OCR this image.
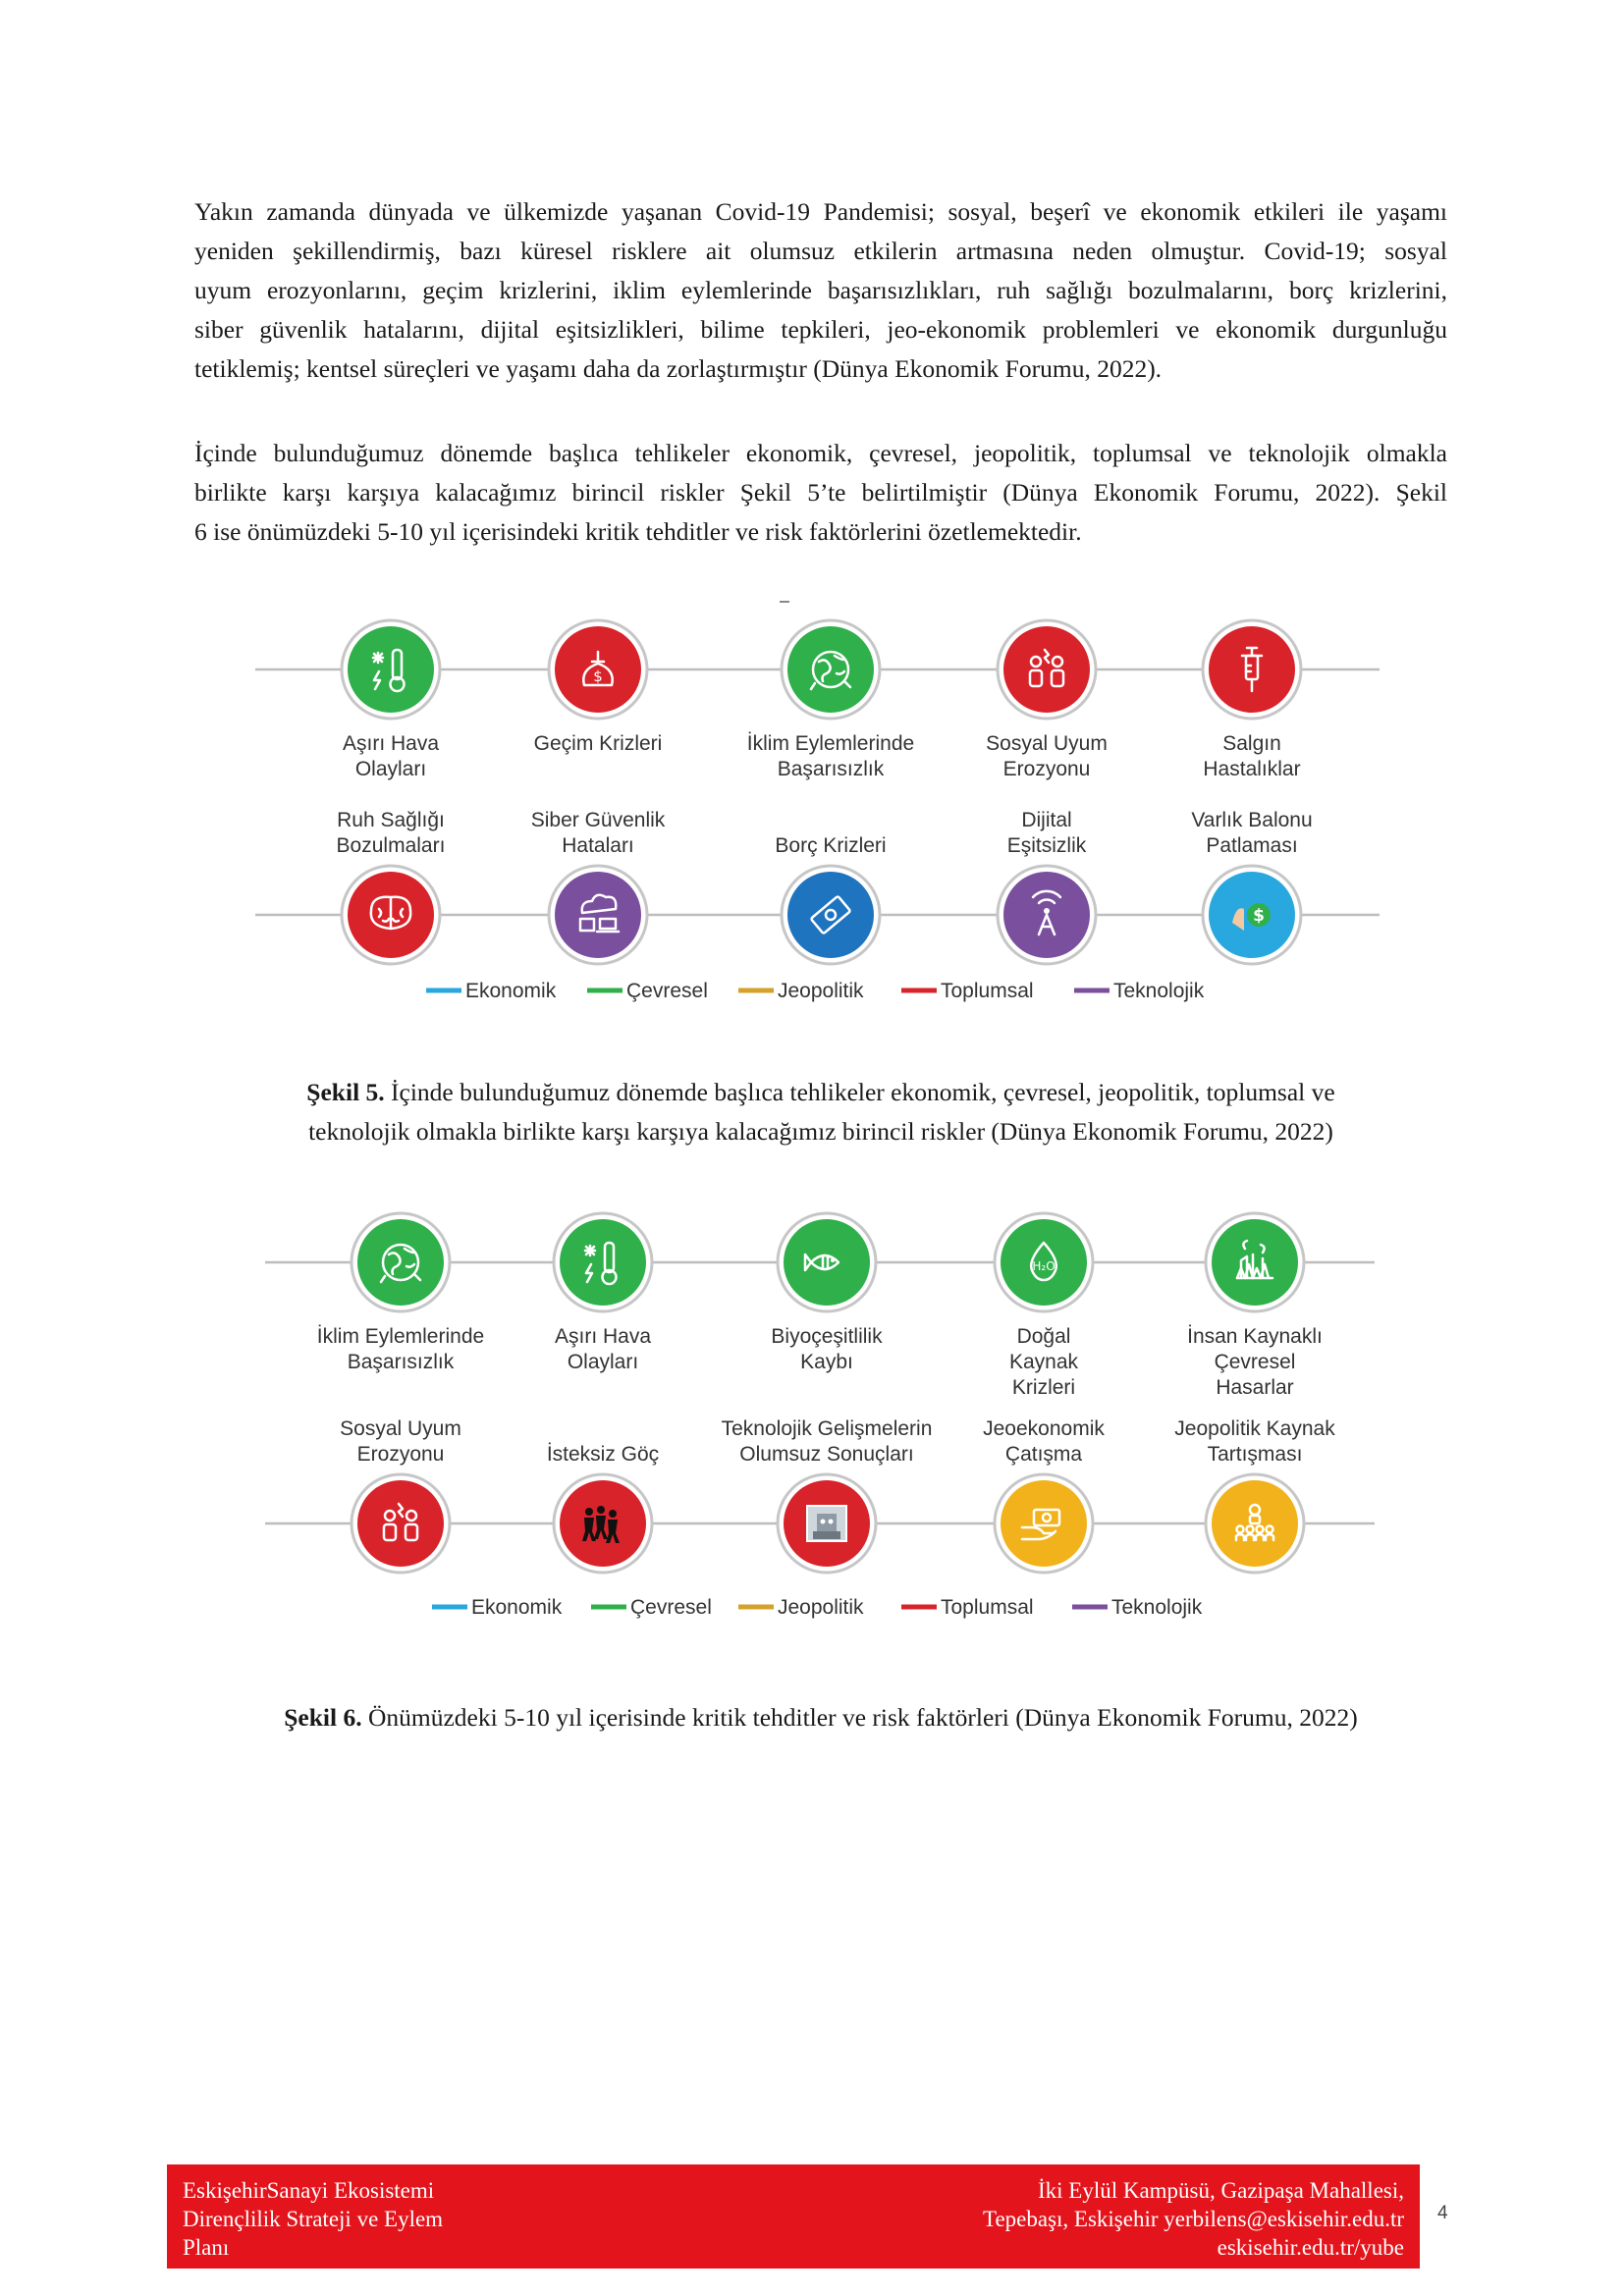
Yakın zamanda dünyada ve ülkemizde yaşanan Covid-19 Pandemisi; sosyal, beşerî ve ekonomik etkileri ile yaşamı
yeniden şekillendirmiş, bazı küresel risklere ait olumsuz etkilerin artmasına neden olmuştur. Covid-19; sosyal
uyum erozyonlarını, geçim krizlerini, iklim eylemlerinde başarısızlıkları, ruh sağlığı bozulmalarını, borç krizlerini,
siber güvenlik hatalarını, dijital eşitsizlikleri, bilime tepkileri, jeo-ekonomik problemleri ve ekonomik durgunluğu
tetiklemiş; kentsel süreçleri ve yaşamı daha da zorlaştırmıştır (Dünya Ekonomik Forumu, 2022).
İçinde bulunduğumuz dönemde başlıca tehlikeler ekonomik, çevresel, jeopolitik, toplumsal ve teknolojik olmakla
birlikte karşı karşıya kalacağımız birincil riskler Şekil 5’te belirtilmiştir (Dünya Ekonomik Forumu, 2022). Şekil
6 ise önümüzdeki 5-10 yıl içerisindeki kritik tehditler ve risk faktörlerini özetlemektedir.
Aşırı Hava
Olayları
$
Geçim Krizleri	İklim Eylemlerinde
Başarısızlık
Sosyal Uyum
Erozyonu
Salgın
Hastalıklar
Ruh Sağlığı
Bozulmaları
Siber Güvenlik
Hataları	Borç Krizleri
Dijital
Eşitsizlik
$
Varlık Balonu
Patlaması
Ekonomik	Çevresel	Jeopolitik	Toplumsal	Teknolojik
Şekil 5. İçinde bulunduğumuz dönemde başlıca tehlikeler ekonomik, çevresel, jeopolitik, toplumsal ve
teknolojik olmakla birlikte karşı karşıya kalacağımız birincil riskler (Dünya Ekonomik Forumu, 2022)
İklim Eylemlerinde
Başarısızlık
Aşırı Hava
Olayları
Biyoçeşitlilik
Kaybı
H₂O
Doğal
Kaynak
Krizleri
İnsan Kaynaklı
Çevresel
Hasarlar
Sosyal Uyum
Erozyonu	İsteksiz Göç
Teknolojik Gelişmelerin
Olumsuz Sonuçları
Jeoekonomik
Çatışma
Jeopolitik Kaynak
Tartışması
Ekonomik	Çevresel	Jeopolitik	Toplumsal	Teknolojik
Şekil 6. Önümüzdeki 5-10 yıl içerisinde kritik tehditler ve risk faktörleri (Dünya Ekonomik Forumu, 2022)
EskişehirSanayi Ekosistemi
Dirençlilik Strateji ve Eylem
Planı
İki Eylül Kampüsü, Gazipaşa Mahallesi,
Tepebaşı, Eskişehir yerbilens@eskisehir.edu.tr
eskisehir.edu.tr/yube
4
